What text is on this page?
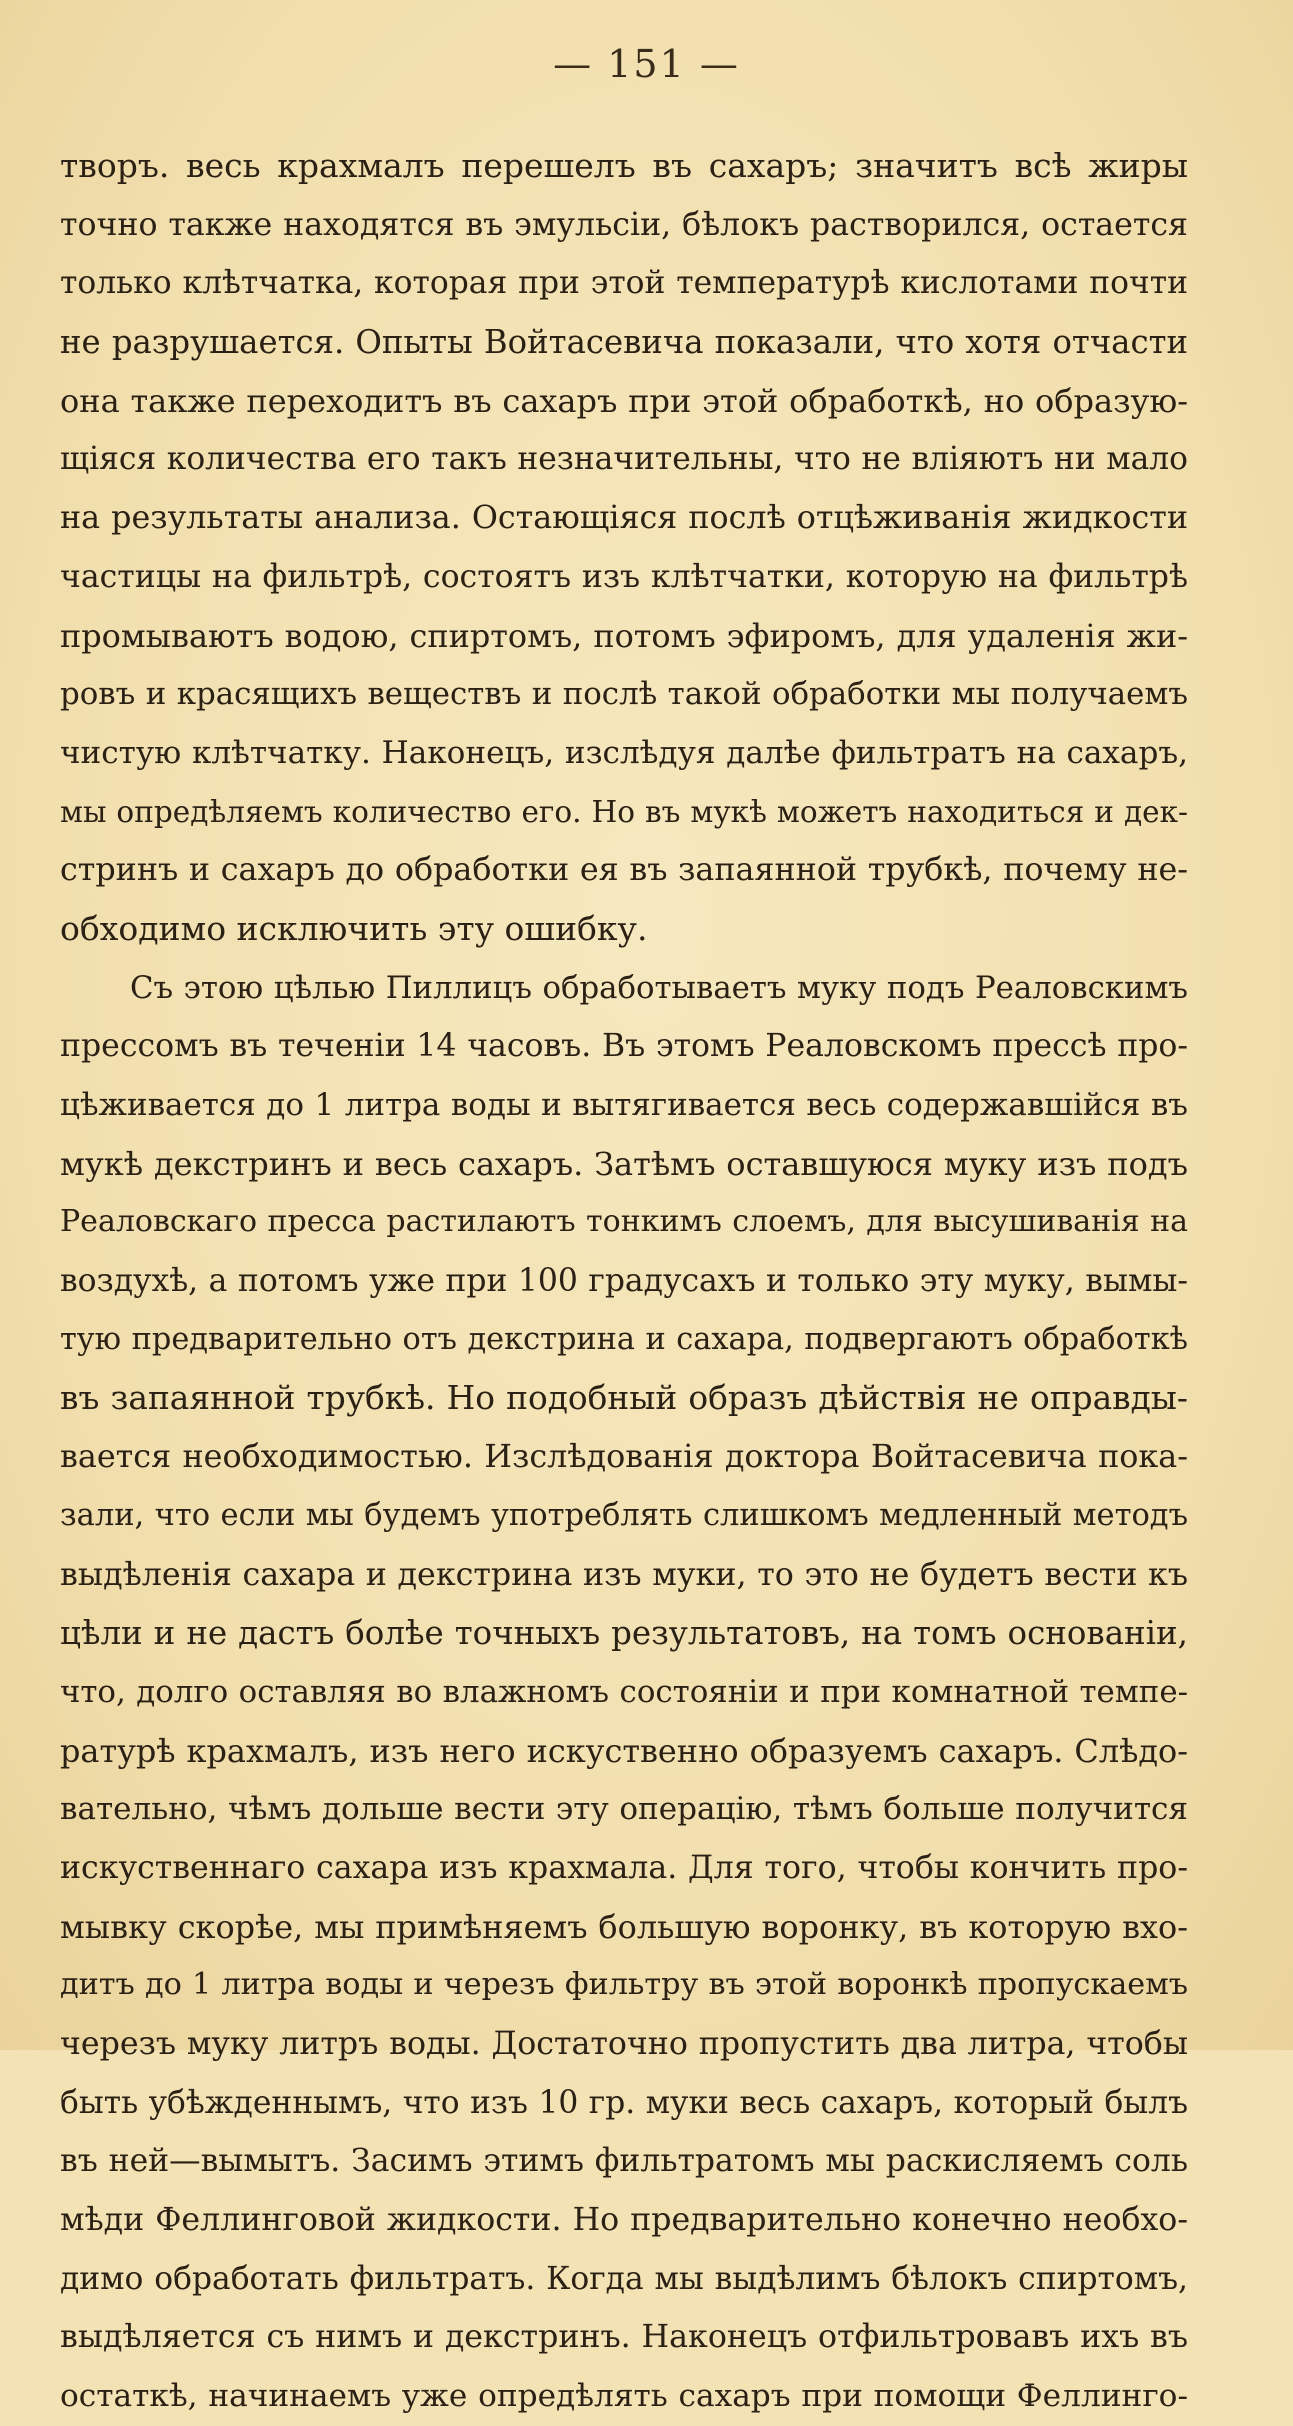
— 151 —
творъ. весь крахмалъ перешелъ въ сахаръ; значитъ всѣ жиры
точно также находятся въ эмульсіи, бѣлокъ растворился, остается
только клѣтчатка, которая при этой температурѣ кислотами почти
не разрушается. Опыты Войтасевича показали, что хотя отчасти
она также переходитъ въ сахаръ при этой обработкѣ, но образую-
щіяся количества его такъ незначительны, что не вліяютъ ни мало
на результаты анализа. Остающіяся послѣ отцѣживанія жидкости
частицы на фильтрѣ, состоятъ изъ клѣтчатки, которую на фильтрѣ
промываютъ водою, спиртомъ, потомъ эфиромъ, для удаленія жи-
ровъ и красящихъ веществъ и послѣ такой обработки мы получаемъ
чистую клѣтчатку. Наконецъ, изслѣдуя далѣе фильтратъ на сахаръ,
мы опредѣляемъ количество его. Но въ мукѣ можетъ находиться и дек-
стринъ и сахаръ до обработки ея въ запаянной трубкѣ, почему не-
обходимо исключить эту ошибку.
Съ этою цѣлью Пиллицъ обработываетъ муку подъ Реаловскимъ
прессомъ въ теченіи 14 часовъ. Въ этомъ Реаловскомъ прессѣ про-
цѣживается до 1 литра воды и вытягивается весь содержавшійся въ
мукѣ декстринъ и весь сахаръ. Затѣмъ оставшуюся муку изъ подъ
Реаловскаго пресса растилаютъ тонкимъ слоемъ, для высушиванія на
воздухѣ, а потомъ уже при 100 градусахъ и только эту муку, вымы-
тую предварительно отъ декстрина и сахара, подвергаютъ обработкѣ
въ запаянной трубкѣ. Но подобный образъ дѣйствія не оправды-
вается необходимостью. Изслѣдованія доктора Войтасевича пока-
зали, что если мы будемъ употреблять слишкомъ медленный методъ
выдѣленія сахара и декстрина изъ муки, то это не будетъ вести къ
цѣли и не дастъ болѣе точныхъ результатовъ, на томъ основаніи,
что, долго оставляя во влажномъ состояніи и при комнатной темпе-
ратурѣ крахмалъ, изъ него искуственно образуемъ сахаръ. Слѣдо-
вательно, чѣмъ дольше вести эту операцію, тѣмъ больше получится
искуственнаго сахара изъ крахмала. Для того, чтобы кончить про-
мывку скорѣе, мы примѣняемъ большую воронку, въ которую вхо-
дитъ до 1 литра воды и черезъ фильтру въ этой воронкѣ пропускаемъ
черезъ муку литръ воды. Достаточно пропустить два литра, чтобы
быть убѣжденнымъ, что изъ 10 гр. муки весь сахаръ, который былъ
въ ней—вымытъ. Засимъ этимъ фильтратомъ мы раскисляемъ соль
мѣди Феллинговой жидкости. Но предварительно конечно необхо-
димо обработать фильтратъ. Когда мы выдѣлимъ бѣлокъ спиртомъ,
выдѣляется съ нимъ и декстринъ. Наконецъ отфильтровавъ ихъ въ
остаткѣ, начинаемъ уже опредѣлять сахаръ при помощи Феллинго-
